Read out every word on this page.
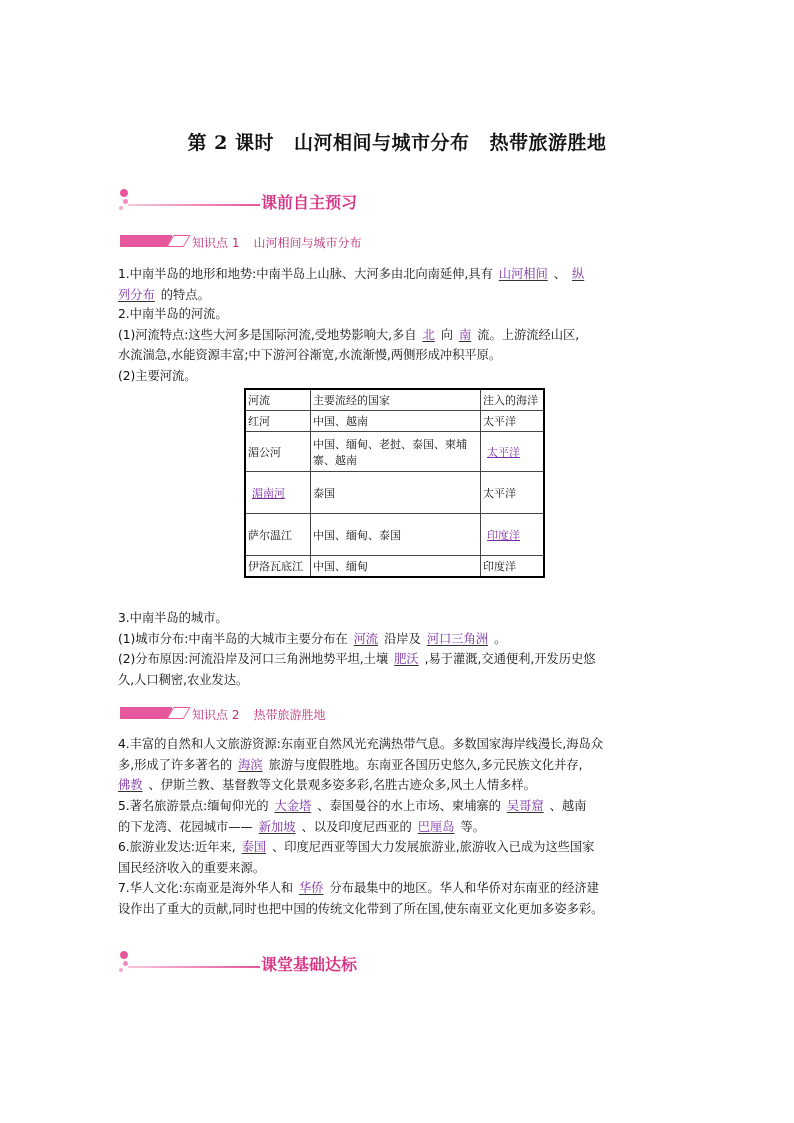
第 2 课时 山河相间与城市分布 热带旅游胜地
课前自主预习
知识点 1 山河相间与城市分布
1.中南半岛的地形和地势:中南半岛上山脉、大河多由北向南延伸,具有 山河相间 、 纵
列分布 的特点。
2.中南半岛的河流。
(1)河流特点:这些大河多是国际河流,受地势影响大,多自 北 向 南 流。上游流经山区,
水流湍急,水能资源丰富;中下游河谷渐宽,水流渐慢,两侧形成冲积平原。
(2)主要河流。
河流	主要流经的国家	注入的海洋
红河	中国、越南	太平洋
湄公河	中国、缅甸、老挝、泰国、柬埔寨、越南	太平洋
湄南河	泰国	太平洋
萨尔温江	中国、缅甸、泰国	印度洋
伊洛瓦底江	中国、缅甸	印度洋
3.中南半岛的城市。
(1)城市分布:中南半岛的大城市主要分布在 河流 沿岸及 河口三角洲 。
(2)分布原因:河流沿岸及河口三角洲地势平坦,土壤 肥沃 ,易于灌溉,交通便利,开发历史悠
久,人口稠密,农业发达。
知识点 2 热带旅游胜地
4.丰富的自然和人文旅游资源:东南亚自然风光充满热带气息。多数国家海岸线漫长,海岛众
多,形成了许多著名的 海滨 旅游与度假胜地。东南亚各国历史悠久,多元民族文化并存,
佛教 、伊斯兰教、基督教等文化景观多姿多彩,名胜古迹众多,风土人情多样。
5.著名旅游景点:缅甸仰光的 大金塔 、泰国曼谷的水上市场、柬埔寨的 吴哥窟 、越南
的下龙湾、花园城市—— 新加坡 、以及印度尼西亚的 巴厘岛 等。
6.旅游业发达:近年来, 泰国 、印度尼西亚等国大力发展旅游业,旅游收入已成为这些国家
国民经济收入的重要来源。
7.华人文化:东南亚是海外华人和 华侨 分布最集中的地区。华人和华侨对东南亚的经济建
设作出了重大的贡献,同时也把中国的传统文化带到了所在国,使东南亚文化更加多姿多彩。
课堂基础达标
